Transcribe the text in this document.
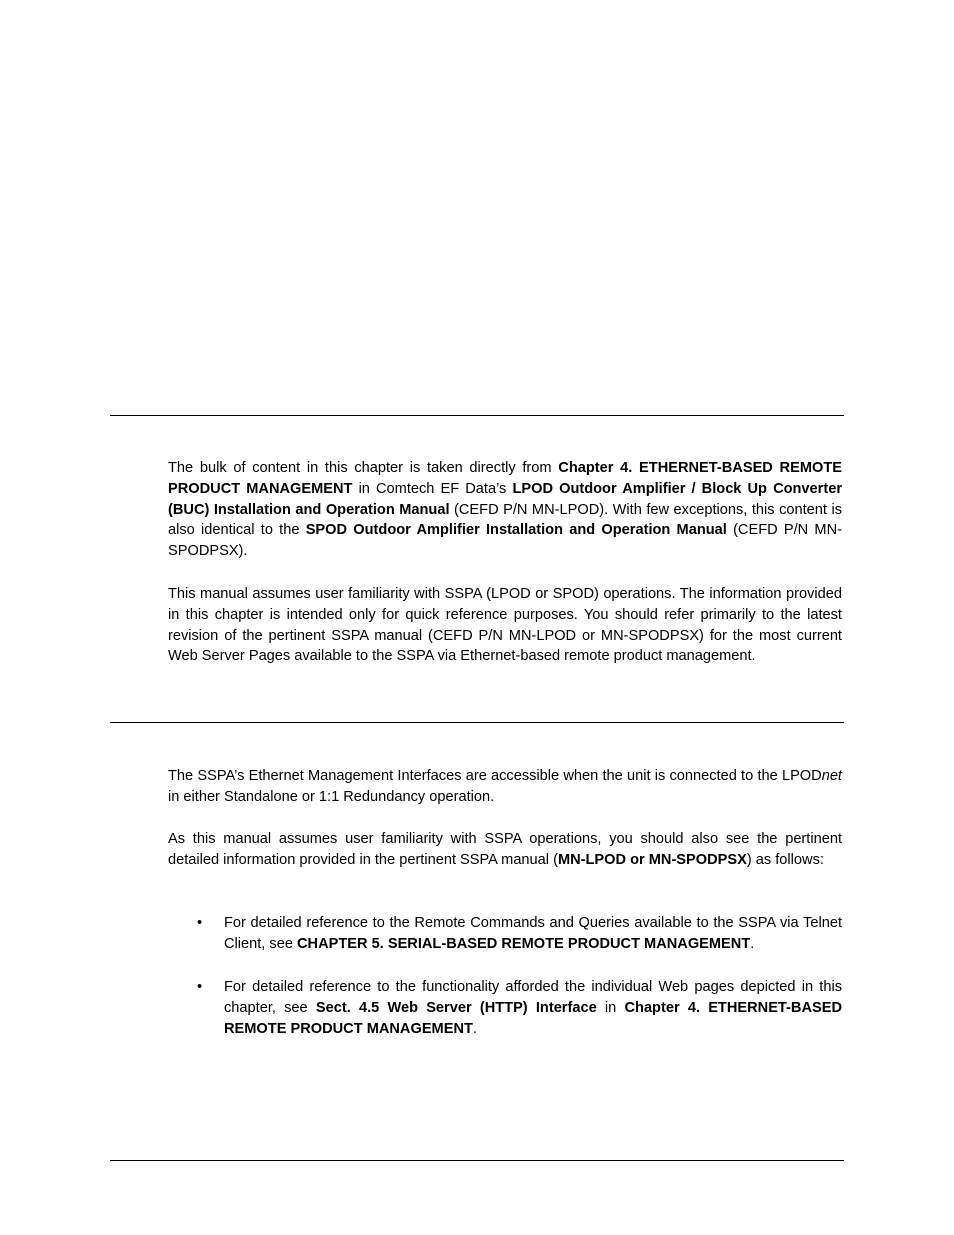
The bulk of content in this chapter is taken directly from Chapter 4. ETHERNET-BASED REMOTE PRODUCT MANAGEMENT in Comtech EF Data’s LPOD Outdoor Amplifier / Block Up Converter (BUC) Installation and Operation Manual (CEFD P/N MN-LPOD). With few exceptions, this content is also identical to the SPOD Outdoor Amplifier Installation and Operation Manual (CEFD P/N MN-SPODPSX).

This manual assumes user familiarity with SSPA (LPOD or SPOD) operations. The information provided in this chapter is intended only for quick reference purposes. You should refer primarily to the latest revision of the pertinent SSPA manual (CEFD P/N MN-LPOD or MN-SPODPSX) for the most current Web Server Pages available to the SSPA via Ethernet-based remote product management.

The SSPA’s Ethernet Management Interfaces are accessible when the unit is connected to the LPODnet in either Standalone or 1:1 Redundancy operation.

As this manual assumes user familiarity with SSPA operations, you should also see the pertinent detailed information provided in the pertinent SSPA manual (MN-LPOD or MN-SPODPSX) as follows:

• For detailed reference to the Remote Commands and Queries available to the SSPA via Telnet Client, see CHAPTER 5. SERIAL-BASED REMOTE PRODUCT MANAGEMENT.

• For detailed reference to the functionality afforded the individual Web pages depicted in this chapter, see Sect. 4.5 Web Server (HTTP) Interface in Chapter 4. ETHERNET-BASED REMOTE PRODUCT MANAGEMENT.
